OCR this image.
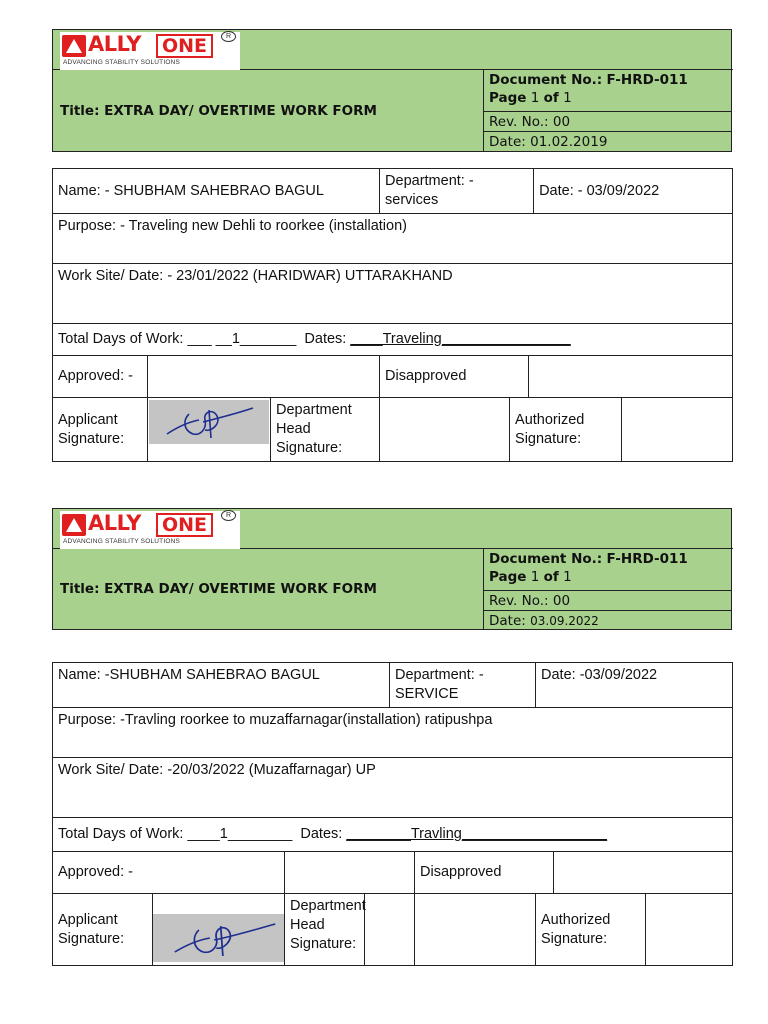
ALLY	ONE
ADVANCING STABILITY SOLUTIONS
R
Title: EXTRA DAY/ OVERTIME WORK FORM
Document No.: F-HRD-011
Page 1 of 1
Rev. No.: 00
Date: 01.02.2019
Name: - SHUBHAM SAHEBRAO BAGUL			Department: - services			Date: - 03/09/2022	
Purpose: - Traveling new Dehli to roorkee (installation)							
Work Site/ Date: - 23/01/2022 (HARIDWAR) UTTARAKHAND							
Total Days of Work: ___ __1_______  Dates: ____Traveling________________							
Approved: -			Disapproved				
Applicant Signature:		Department Head Signature:		Authorized Signature:			
ALLY	ONE
ADVANCING STABILITY SOLUTIONS
R
Title: EXTRA DAY/ OVERTIME WORK FORM
Document No.: F-HRD-011
Page 1 of 1
Rev. No.: 00
Date: 03.09.2022
Name: -SHUBHAM SAHEBRAO BAGUL				Department: - SERVICE		Date: -03/09/2022		
Purpose: -Travling roorkee to muzaffarnagar(installation) ratipushpa								
Work Site/ Date: -20/03/2022 (Muzaffarnagar) UP								
Total Days of Work: ____1________  Dates: ________Travling__________________								

Approved: -					Disapproved			
Applicant Signature:		Department Head Signature:				Authorized Signature:		
